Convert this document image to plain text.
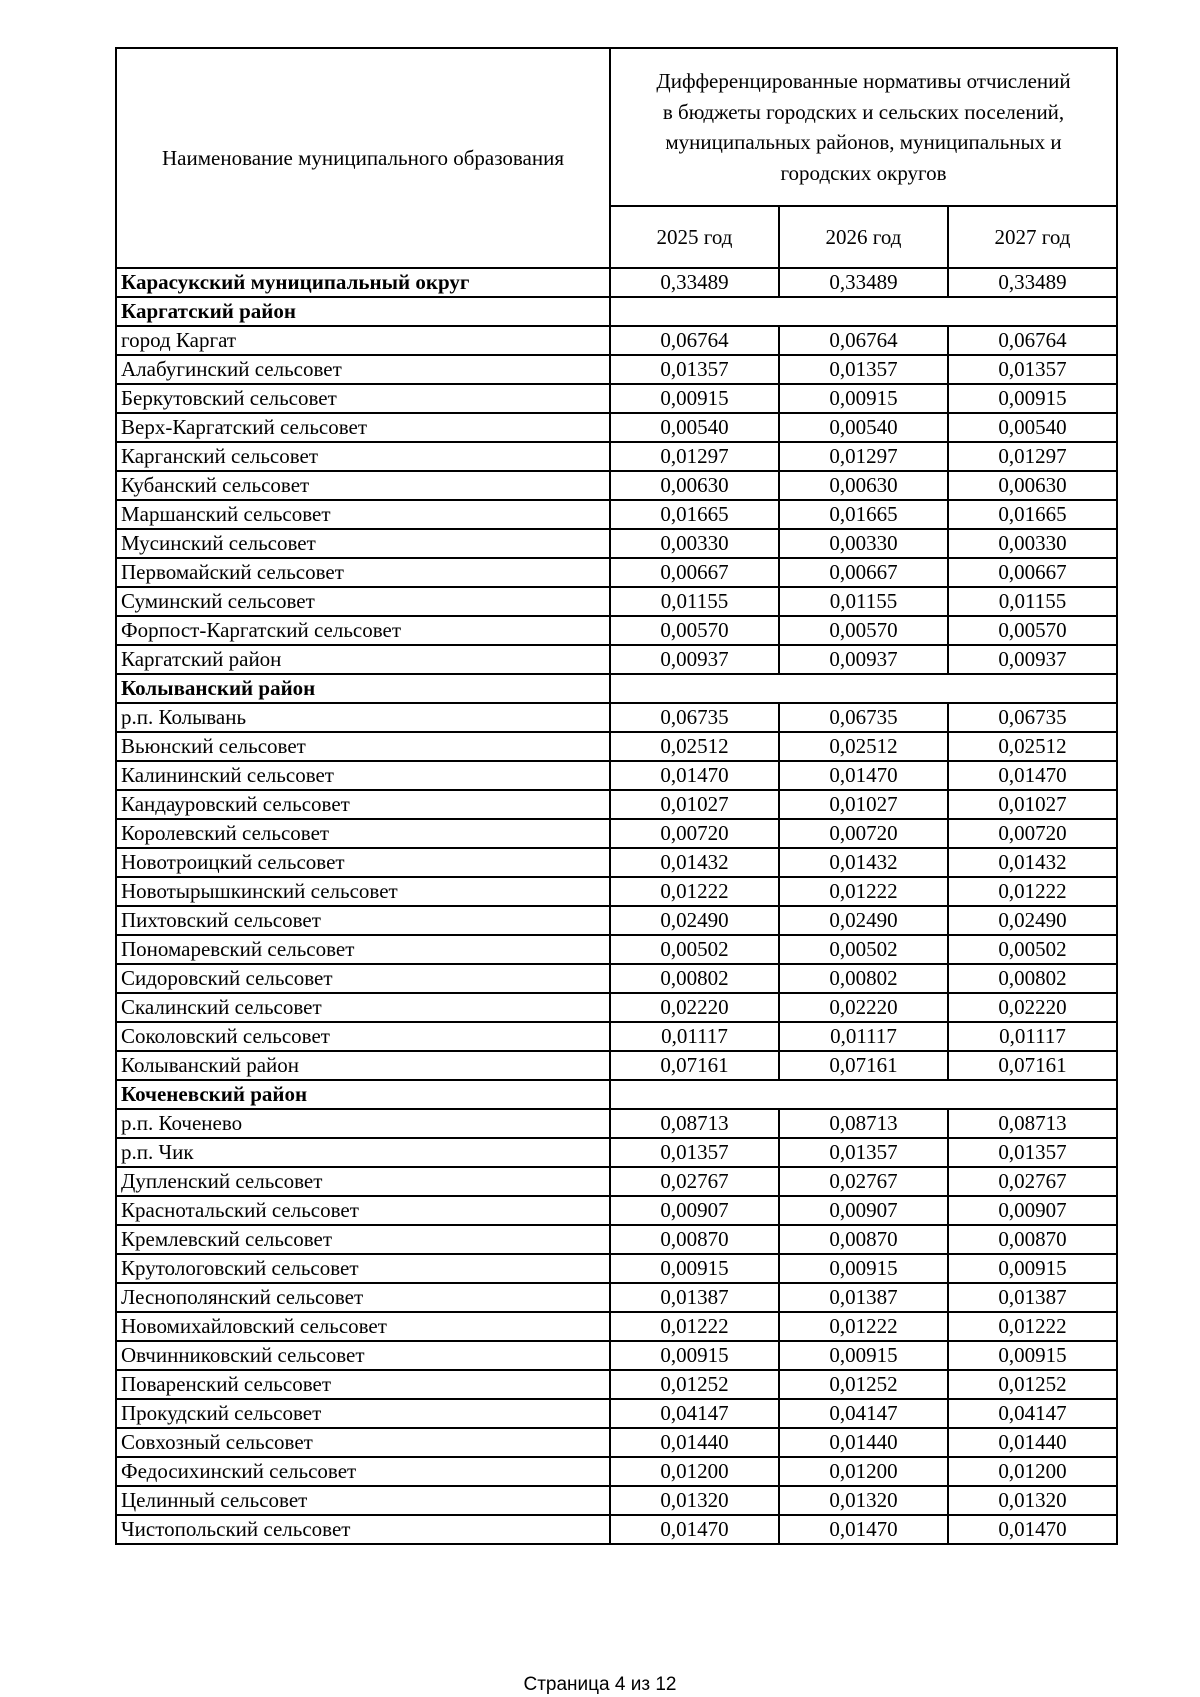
Наименование муниципального образования	Дифференцированные нормативы отчислений
в бюджеты городских и сельских поселений,
муниципальных районов, муниципальных и
городских округов		

	2025 год	2026 год	2027 год
Карасукский муниципальный округ	0,33489	0,33489	0,33489
Каргатский район			
город Каргат	0,06764	0,06764	0,06764
Алабугинский сельсовет	0,01357	0,01357	0,01357
Беркутовский сельсовет	0,00915	0,00915	0,00915
Верх-Каргатский сельсовет	0,00540	0,00540	0,00540
Карганский сельсовет	0,01297	0,01297	0,01297
Кубанский сельсовет	0,00630	0,00630	0,00630
Маршанский сельсовет	0,01665	0,01665	0,01665
Мусинский сельсовет	0,00330	0,00330	0,00330
Первомайский сельсовет	0,00667	0,00667	0,00667
Суминский сельсовет	0,01155	0,01155	0,01155
Форпост-Каргатский сельсовет	0,00570	0,00570	0,00570
Каргатский район	0,00937	0,00937	0,00937
Колыванский район			
р.п. Колывань	0,06735	0,06735	0,06735
Вьюнский сельсовет	0,02512	0,02512	0,02512
Калининский сельсовет	0,01470	0,01470	0,01470
Кандауровский сельсовет	0,01027	0,01027	0,01027
Королевский сельсовет	0,00720	0,00720	0,00720
Новотроицкий сельсовет	0,01432	0,01432	0,01432
Новотырышкинский сельсовет	0,01222	0,01222	0,01222
Пихтовский сельсовет	0,02490	0,02490	0,02490
Пономаревский сельсовет	0,00502	0,00502	0,00502
Сидоровский сельсовет	0,00802	0,00802	0,00802
Скалинский сельсовет	0,02220	0,02220	0,02220
Соколовский сельсовет	0,01117	0,01117	0,01117
Колыванский район	0,07161	0,07161	0,07161
Коченевский район			
р.п. Коченево	0,08713	0,08713	0,08713
р.п. Чик	0,01357	0,01357	0,01357
Дупленский сельсовет	0,02767	0,02767	0,02767
Краснотальский сельсовет	0,00907	0,00907	0,00907
Кремлевский сельсовет	0,00870	0,00870	0,00870
Крутологовский сельсовет	0,00915	0,00915	0,00915
Леснополянский сельсовет	0,01387	0,01387	0,01387
Новомихайловский сельсовет	0,01222	0,01222	0,01222
Овчинниковский сельсовет	0,00915	0,00915	0,00915
Поваренский сельсовет	0,01252	0,01252	0,01252
Прокудский сельсовет	0,04147	0,04147	0,04147
Совхозный сельсовет	0,01440	0,01440	0,01440
Федосихинский сельсовет	0,01200	0,01200	0,01200
Целинный сельсовет	0,01320	0,01320	0,01320
Чистопольский сельсовет	0,01470	0,01470	0,01470
Страница 4 из 12
